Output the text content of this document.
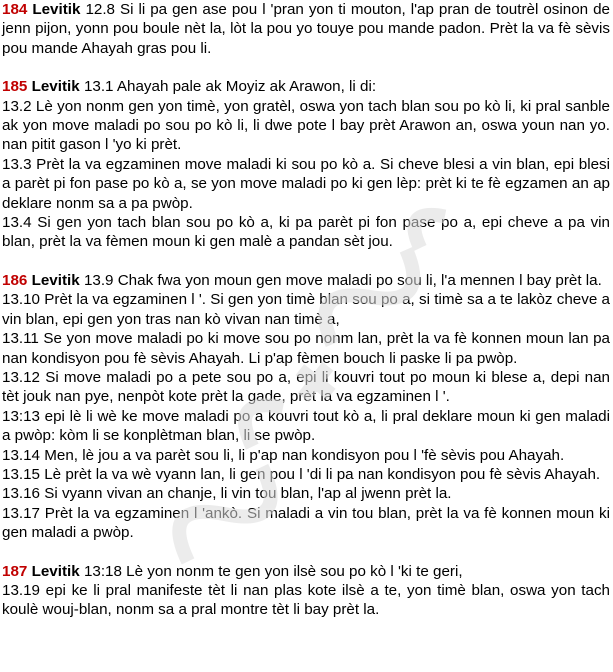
184 Levitik 12.8 Si li pa gen ase pou l 'pran yon ti mouton, l'ap pran de toutrèl osinon de jenn pijon, yonn pou boule nèt la, lòt la pou yo touye pou mande padon. Prèt la va fè sèvis pou mande Ahayah gras pou li.

185 Levitik 13.1 Ahayah pale ak Moyiz ak Arawon, li di:

13.2 Lè yon nonm gen yon timè, yon gratèl, oswa yon tach blan sou po kò li, ki pral sanble ak yon move maladi po sou po kò li, li dwe pote l bay prèt Arawon an, oswa youn nan yo. nan pitit gason l 'yo ki prèt.

13.3 Prèt la va egzaminen move maladi ki sou po kò a. Si cheve blesi a vin blan, epi blesi a parèt pi fon pase po kò a, se yon move maladi po ki gen lèp: prèt ki te fè egzamen an ap deklare nonm sa a pa pwòp.

13.4 Si gen yon tach blan sou po kò a, ki pa parèt pi fon pase po a, epi cheve a pa vin blan, prèt la va fèmen moun ki gen malè a pandan sèt jou.

186 Levitik 13.9 Chak fwa yon moun gen move maladi po sou li, l'a mennen l bay prèt la.

13.10 Prèt la va egzaminen l '. Si gen yon timè blan sou po a, si timè sa a te lakòz cheve a vin blan, epi gen yon tras nan kò vivan nan timè a,

13.11 Se yon move maladi po ki move sou po nonm lan, prèt la va fè konnen moun lan pa nan kondisyon pou fè sèvis Ahayah. Li p'ap fèmen bouch li paske li pa pwòp.

13.12 Si move maladi po a pete sou po a, epi li kouvri tout po moun ki blese a, depi nan tèt jouk nan pye, nenpòt kote prèt la gade, prèt la va egzaminen l '.

13:13 epi lè li wè ke move maladi po a kouvri tout kò a, li pral deklare moun ki gen maladi a pwòp: kòm li se konplètman blan, li se pwòp.

13.14 Men, lè jou a va parèt sou li, li p'ap nan kondisyon pou l 'fè sèvis pou Ahayah.

13.15 Lè prèt la va wè vyann lan, li gen pou l 'di li pa nan kondisyon pou fè sèvis Ahayah.

13.16 Si vyann vivan an chanje, li vin tou blan, l'ap al jwenn prèt la.

13.17 Prèt la va egzaminen l 'ankò. Si maladi a vin tou blan, prèt la va fè konnen moun ki gen maladi a pwòp.

187 Levitik 13:18 Lè yon nonm te gen yon ilsè sou po kò l 'ki te geri,

13.19 epi ke li pral manifeste tèt li nan plas kote ilsè a te, yon timè blan, oswa yon tach koulè wouj-blan, nonm sa a pral montre tèt li bay prèt la.
